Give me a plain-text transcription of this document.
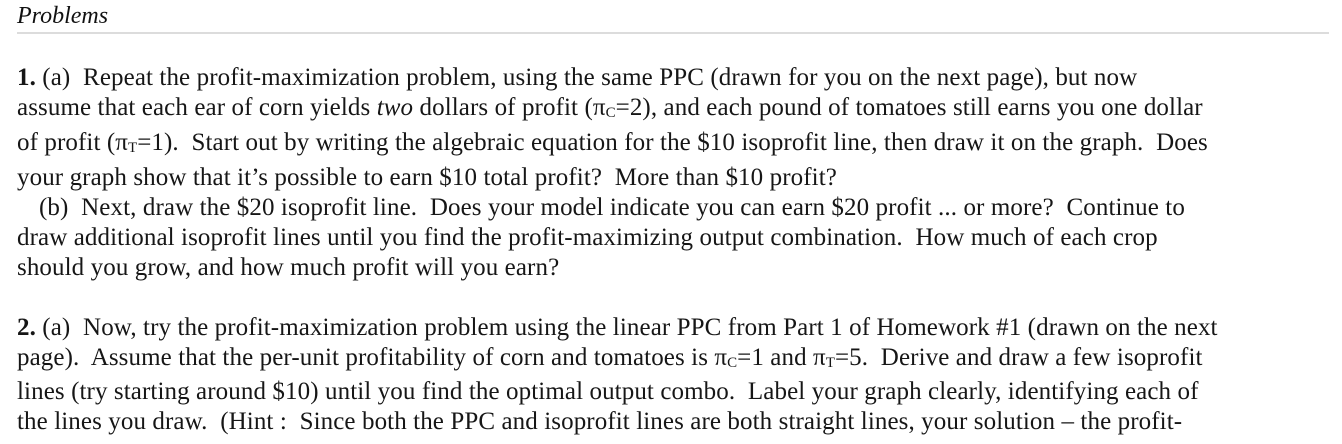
Problems
1. (a)  Repeat the profit-maximization problem, using the same PPC (drawn for you on the next page), but now
assume that each ear of corn yields two dollars of profit (πC=2), and each pound of tomatoes still earns you one dollar
of profit (πT=1).  Start out by writing the algebraic equation for the $10 isoprofit line, then draw it on the graph.  Does
your graph show that it’s possible to earn $10 total profit?  More than $10 profit?
(b)  Next, draw the $20 isoprofit line.  Does your model indicate you can earn $20 profit ... or more?  Continue to
draw additional isoprofit lines until you find the profit-maximizing output combination.  How much of each crop
should you grow, and how much profit will you earn?
2. (a)  Now, try the profit-maximization problem using the linear PPC from Part 1 of Homework #1 (drawn on the next
page).  Assume that the per-unit profitability of corn and tomatoes is πC=1 and πT=5.  Derive and draw a few isoprofit
lines (try starting around $10) until you find the optimal output combo.  Label your graph clearly, identifying each of
the lines you draw.  (Hint :  Since both the PPC and isoprofit lines are both straight lines, your solution – the profit-
